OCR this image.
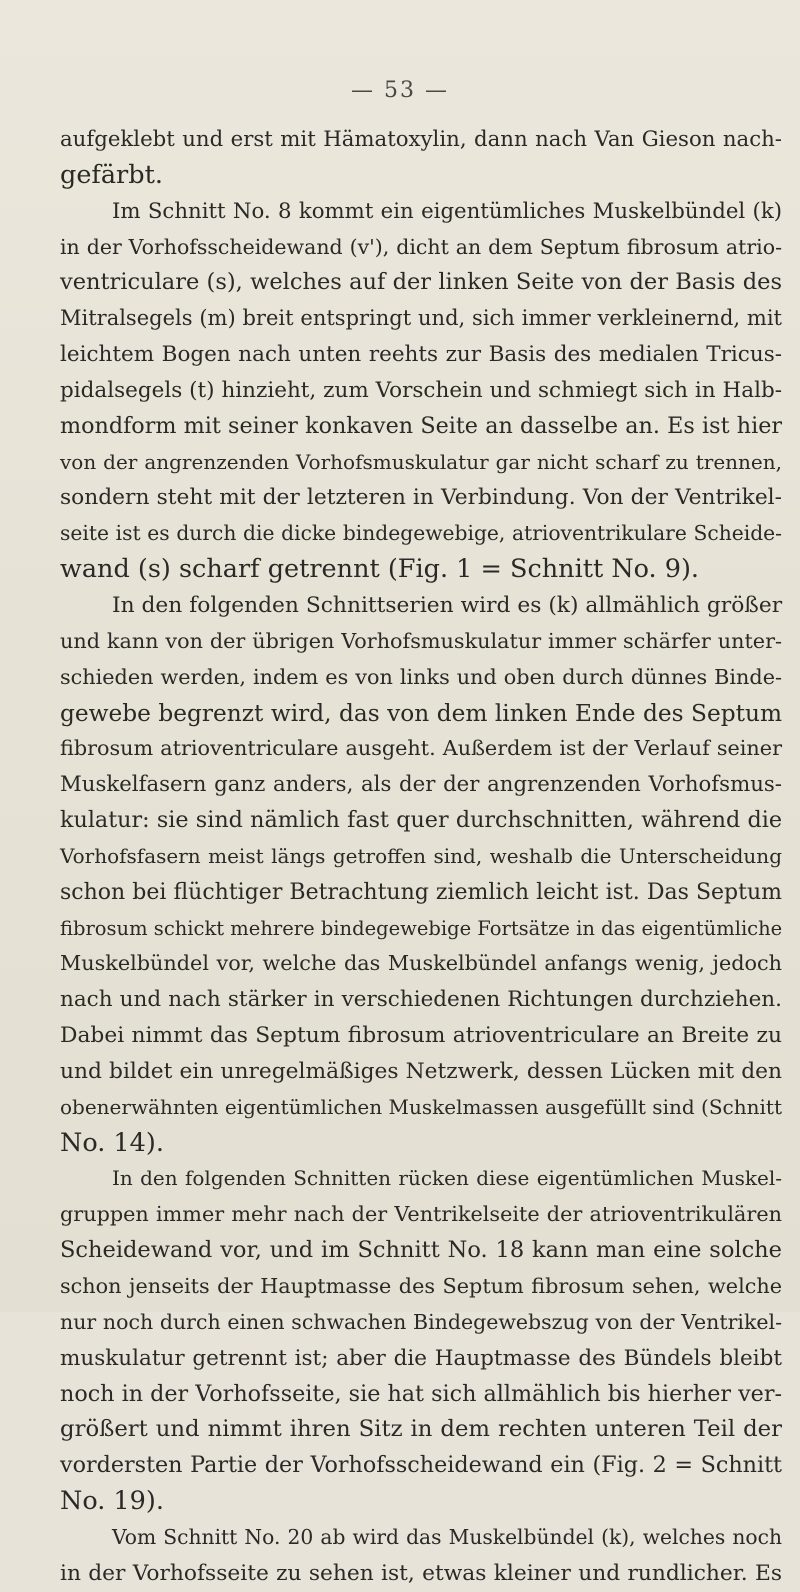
— 53 —
aufgeklebt und erst mit Hämatoxylin, dann nach Van Gieson nach-
gefärbt.
Im Schnitt No. 8 kommt ein eigentümliches Muskelbündel (k)
in der Vorhofsscheidewand (v'), dicht an dem Septum fibrosum atrio-
ventriculare (s), welches auf der linken Seite von der Basis des
Mitralsegels (m) breit entspringt und, sich immer verkleinernd, mit
leichtem Bogen nach unten reehts zur Basis des medialen Tricus-
pidalsegels (t) hinzieht, zum Vorschein und schmiegt sich in Halb-
mondform mit seiner konkaven Seite an dasselbe an. Es ist hier
von der angrenzenden Vorhofsmuskulatur gar nicht scharf zu trennen,
sondern steht mit der letzteren in Verbindung. Von der Ventrikel-
seite ist es durch die dicke bindegewebige, atrioventrikulare Scheide-
wand (s) scharf getrennt (Fig. 1 = Schnitt No. 9).
In den folgenden Schnittserien wird es (k) allmählich größer
und kann von der übrigen Vorhofsmuskulatur immer schärfer unter-
schieden werden, indem es von links und oben durch dünnes Binde-
gewebe begrenzt wird, das von dem linken Ende des Septum
fibrosum atrioventriculare ausgeht. Außerdem ist der Verlauf seiner
Muskelfasern ganz anders, als der der angrenzenden Vorhofsmus-
kulatur: sie sind nämlich fast quer durchschnitten, während die
Vorhofsfasern meist längs getroffen sind, weshalb die Unterscheidung
schon bei flüchtiger Betrachtung ziemlich leicht ist. Das Septum
fibrosum schickt mehrere bindegewebige Fortsätze in das eigentümliche
Muskelbündel vor, welche das Muskelbündel anfangs wenig, jedoch
nach und nach stärker in verschiedenen Richtungen durchziehen.
Dabei nimmt das Septum fibrosum atrioventriculare an Breite zu
und bildet ein unregelmäßiges Netzwerk, dessen Lücken mit den
obenerwähnten eigentümlichen Muskelmassen ausgefüllt sind (Schnitt
No. 14).
In den folgenden Schnitten rücken diese eigentümlichen Muskel-
gruppen immer mehr nach der Ventrikelseite der atrioventrikulären
Scheidewand vor, und im Schnitt No. 18 kann man eine solche
schon jenseits der Hauptmasse des Septum fibrosum sehen, welche
nur noch durch einen schwachen Bindegewebszug von der Ventrikel-
muskulatur getrennt ist; aber die Hauptmasse des Bündels bleibt
noch in der Vorhofsseite, sie hat sich allmählich bis hierher ver-
größert und nimmt ihren Sitz in dem rechten unteren Teil der
vordersten Partie der Vorhofsscheidewand ein (Fig. 2 = Schnitt
No. 19).
Vom Schnitt No. 20 ab wird das Muskelbündel (k), welches noch
in der Vorhofsseite zu sehen ist, etwas kleiner und rundlicher. Es
